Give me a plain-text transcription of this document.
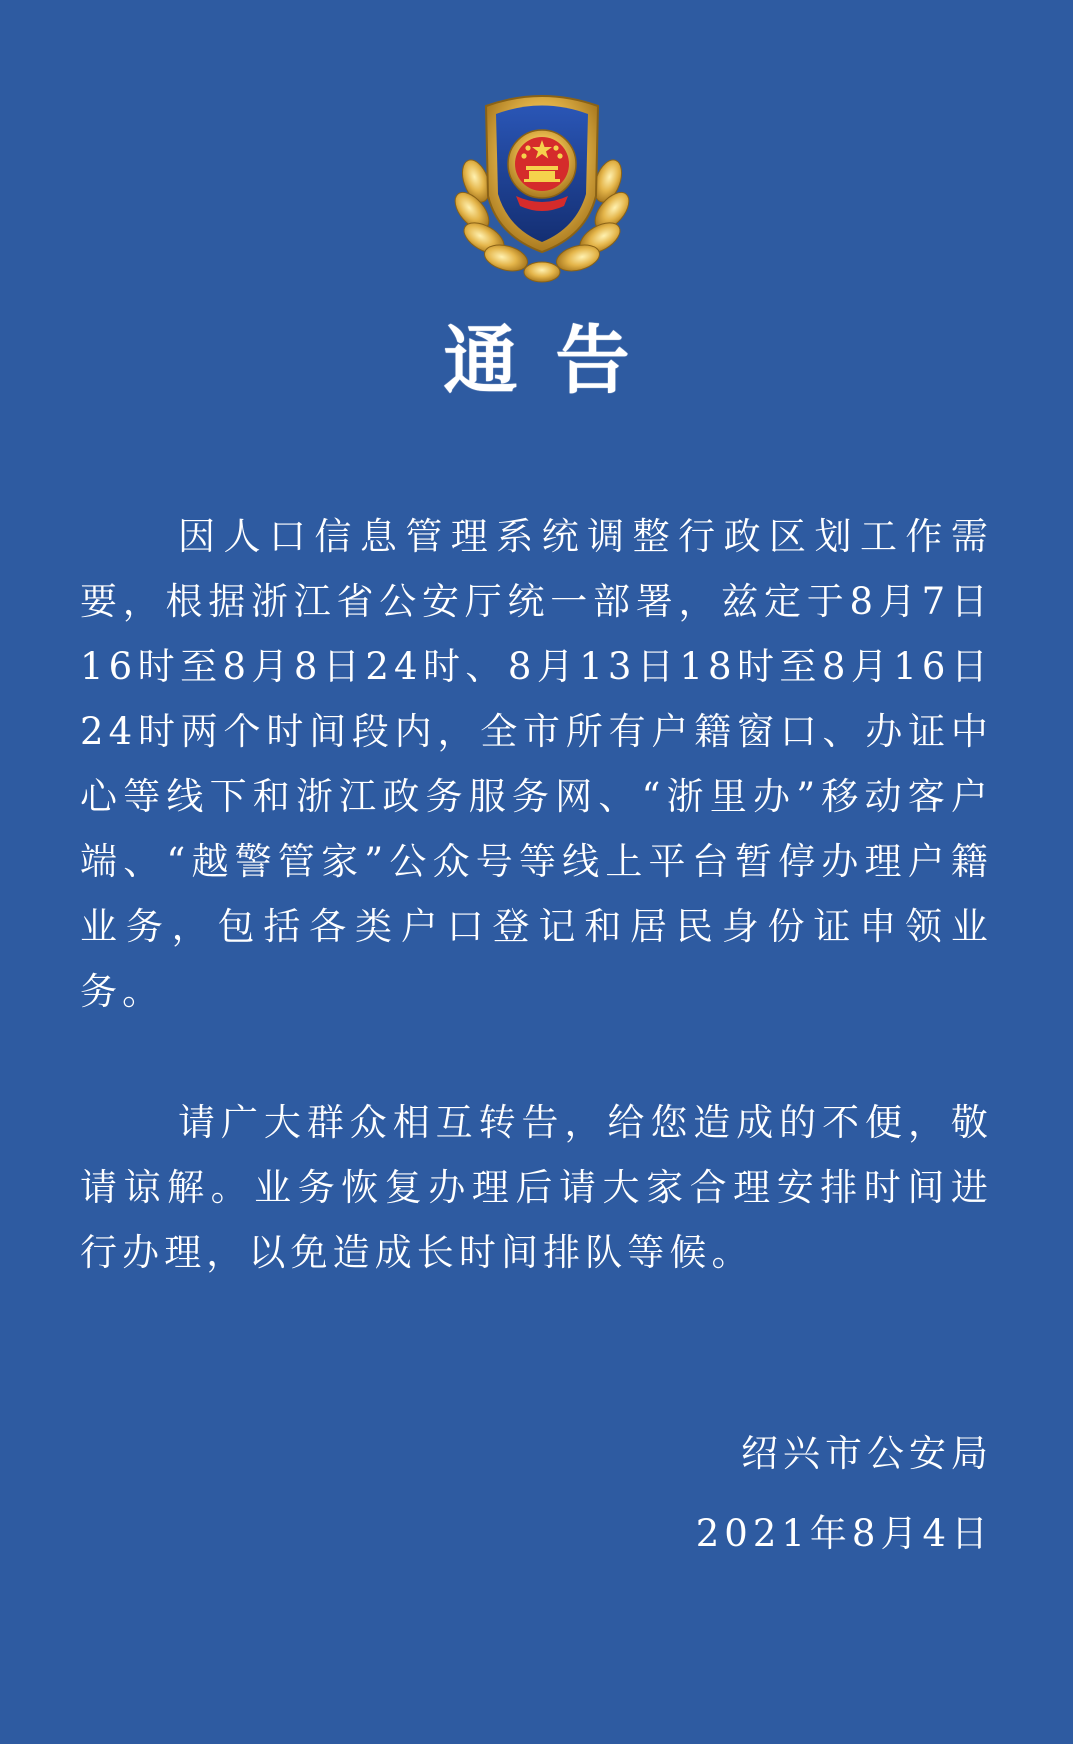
通告
因人口信息管理系统调整行政区划工作需要，根据浙江省公安厅统一部署，兹定于8月7日16时至8月8日24时、8月13日18时至8月16日24时两个时间段内，全市所有户籍窗口、办证中心等线下和浙江政务服务网、“浙里办”移动客户端、“越警管家”公众号等线上平台暂停办理户籍业务，包括各类户口登记和居民身份证申领业务。
请广大群众相互转告，给您造成的不便，敬请谅解。业务恢复办理后请大家合理安排时间进行办理，以免造成长时间排队等候。
绍兴市公安局
2021年8月4日
